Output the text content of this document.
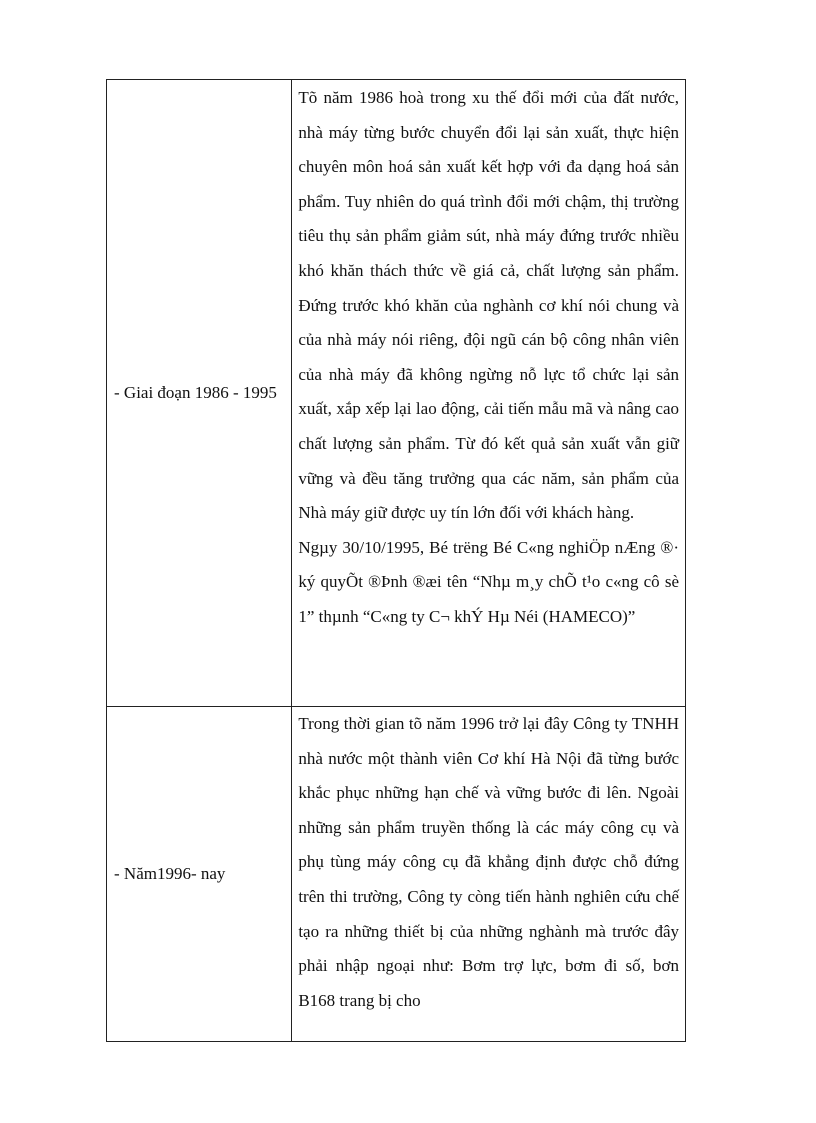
- Giai đoạn 1986 - 1995	Tõ năm 1986 hoà trong xu thế đổi mới của đất nước, nhà máy từng bước chuyển đổi lại sản xuất, thực hiện chuyên môn hoá sản xuất kết hợp với đa dạng hoá sản phẩm. Tuy nhiên do quá trình đổi mới chậm, thị trường tiêu thụ sản phẩm giảm sút, nhà máy đứng trước nhiều khó khăn thách thức về giá cả, chất lượng sản phẩm. Đứng trước khó khăn của nghành cơ khí nói chung và của nhà máy nói riêng, đội ngũ cán bộ công nhân viên của nhà máy đã không ngừng nỗ lực tổ chức lại sản xuất, xắp xếp lại lao động, cải tiến mẫu mã và nâng cao chất lượng sản phẩm. Từ đó kết quả sản xuất vẫn giữ vững và đều tăng trưởng qua các năm, sản phẩm của Nhà máy giữ được uy tín lớn đối với khách hàng.

Ngµy 30/10/1995, Bé trëng Bé C«ng nghiÖp nÆng ®· ký quyÕt ®Þnh ®æi tên “Nhµ m¸y chÕ t¹o c«ng cô sè 1” thµnh “C«ng ty C¬ khÝ Hµ Néi (HAMECO)”

- Năm1996- nay	Trong thời gian tõ năm 1996 trở lại đây Công ty TNHH nhà nước một thành viên Cơ khí Hà Nội đã từng bước khắc phục những hạn chế và vững bước đi lên. Ngoài những sản phẩm truyền thống là các máy công cụ và phụ tùng máy công cụ đã khẳng định được chỗ đứng trên thi trường, Công ty còng tiến hành nghiên cứu chế tạo ra những thiết bị của những nghành mà trước đây phải nhập ngoại như: Bơm trợ lực, bơm đi số, bơn B168 trang bị cho
